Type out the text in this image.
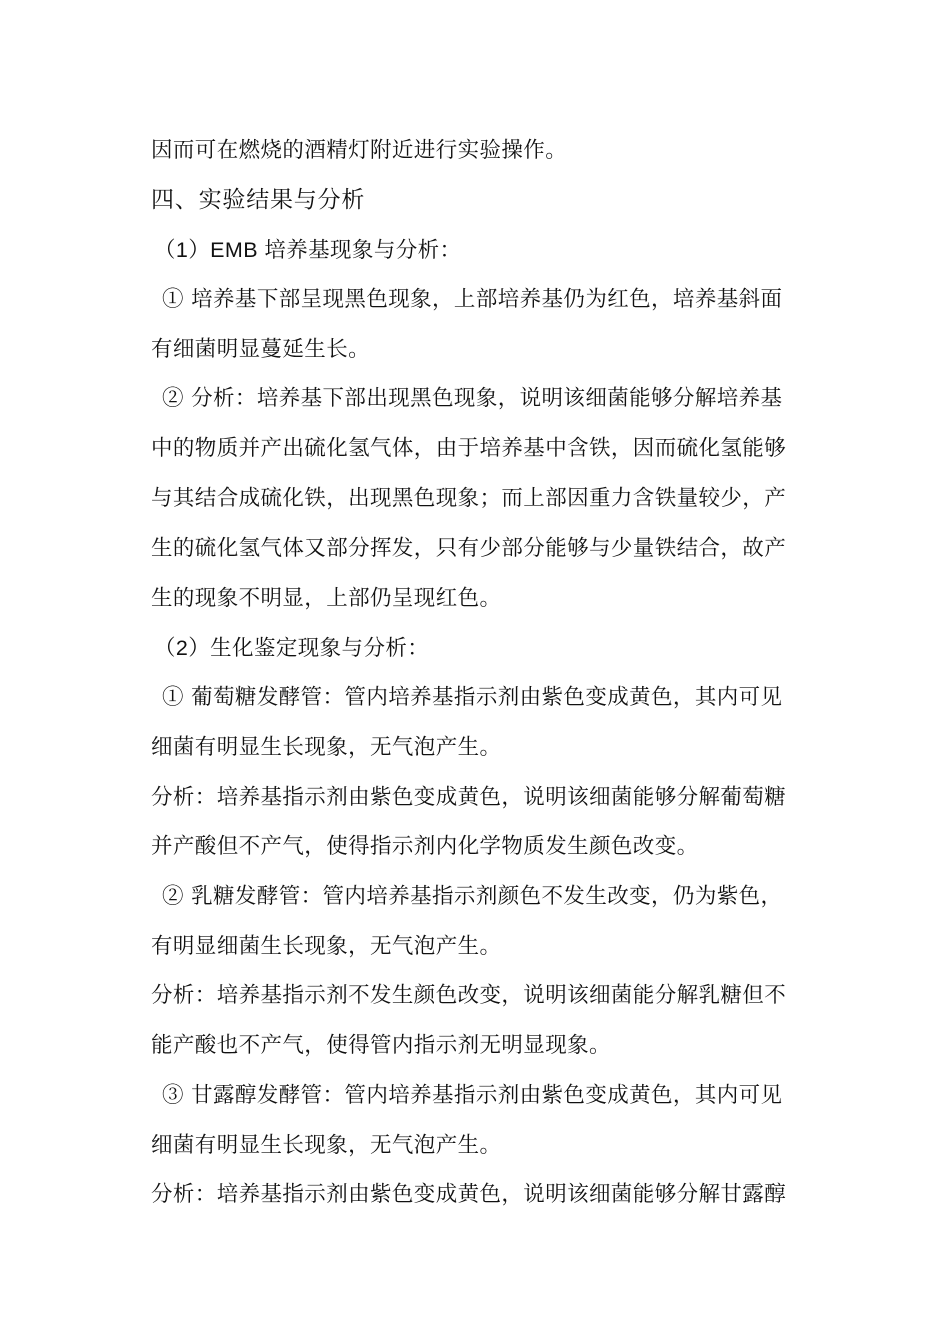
因而可在燃烧的酒精灯附近进行实验操作。
四、实验结果与分析
（1）EMB 培养基现象与分析：
① 培养基下部呈现黑色现象，上部培养基仍为红色，培养基斜面
有细菌明显蔓延生长。
② 分析：培养基下部出现黑色现象，说明该细菌能够分解培养基
中的物质并产出硫化氢气体，由于培养基中含铁，因而硫化氢能够
与其结合成硫化铁，出现黑色现象；而上部因重力含铁量较少，产
生的硫化氢气体又部分挥发，只有少部分能够与少量铁结合，故产
生的现象不明显，上部仍呈现红色。
（2）生化鉴定现象与分析：
① 葡萄糖发酵管：管内培养基指示剂由紫色变成黄色，其内可见
细菌有明显生长现象，无气泡产生。
分析：培养基指示剂由紫色变成黄色，说明该细菌能够分解葡萄糖
并产酸但不产气，使得指示剂内化学物质发生颜色改变。
② 乳糖发酵管：管内培养基指示剂颜色不发生改变，仍为紫色，
有明显细菌生长现象，无气泡产生。
分析：培养基指示剂不发生颜色改变，说明该细菌能分解乳糖但不
能产酸也不产气，使得管内指示剂无明显现象。
③ 甘露醇发酵管：管内培养基指示剂由紫色变成黄色，其内可见
细菌有明显生长现象，无气泡产生。
分析：培养基指示剂由紫色变成黄色，说明该细菌能够分解甘露醇
